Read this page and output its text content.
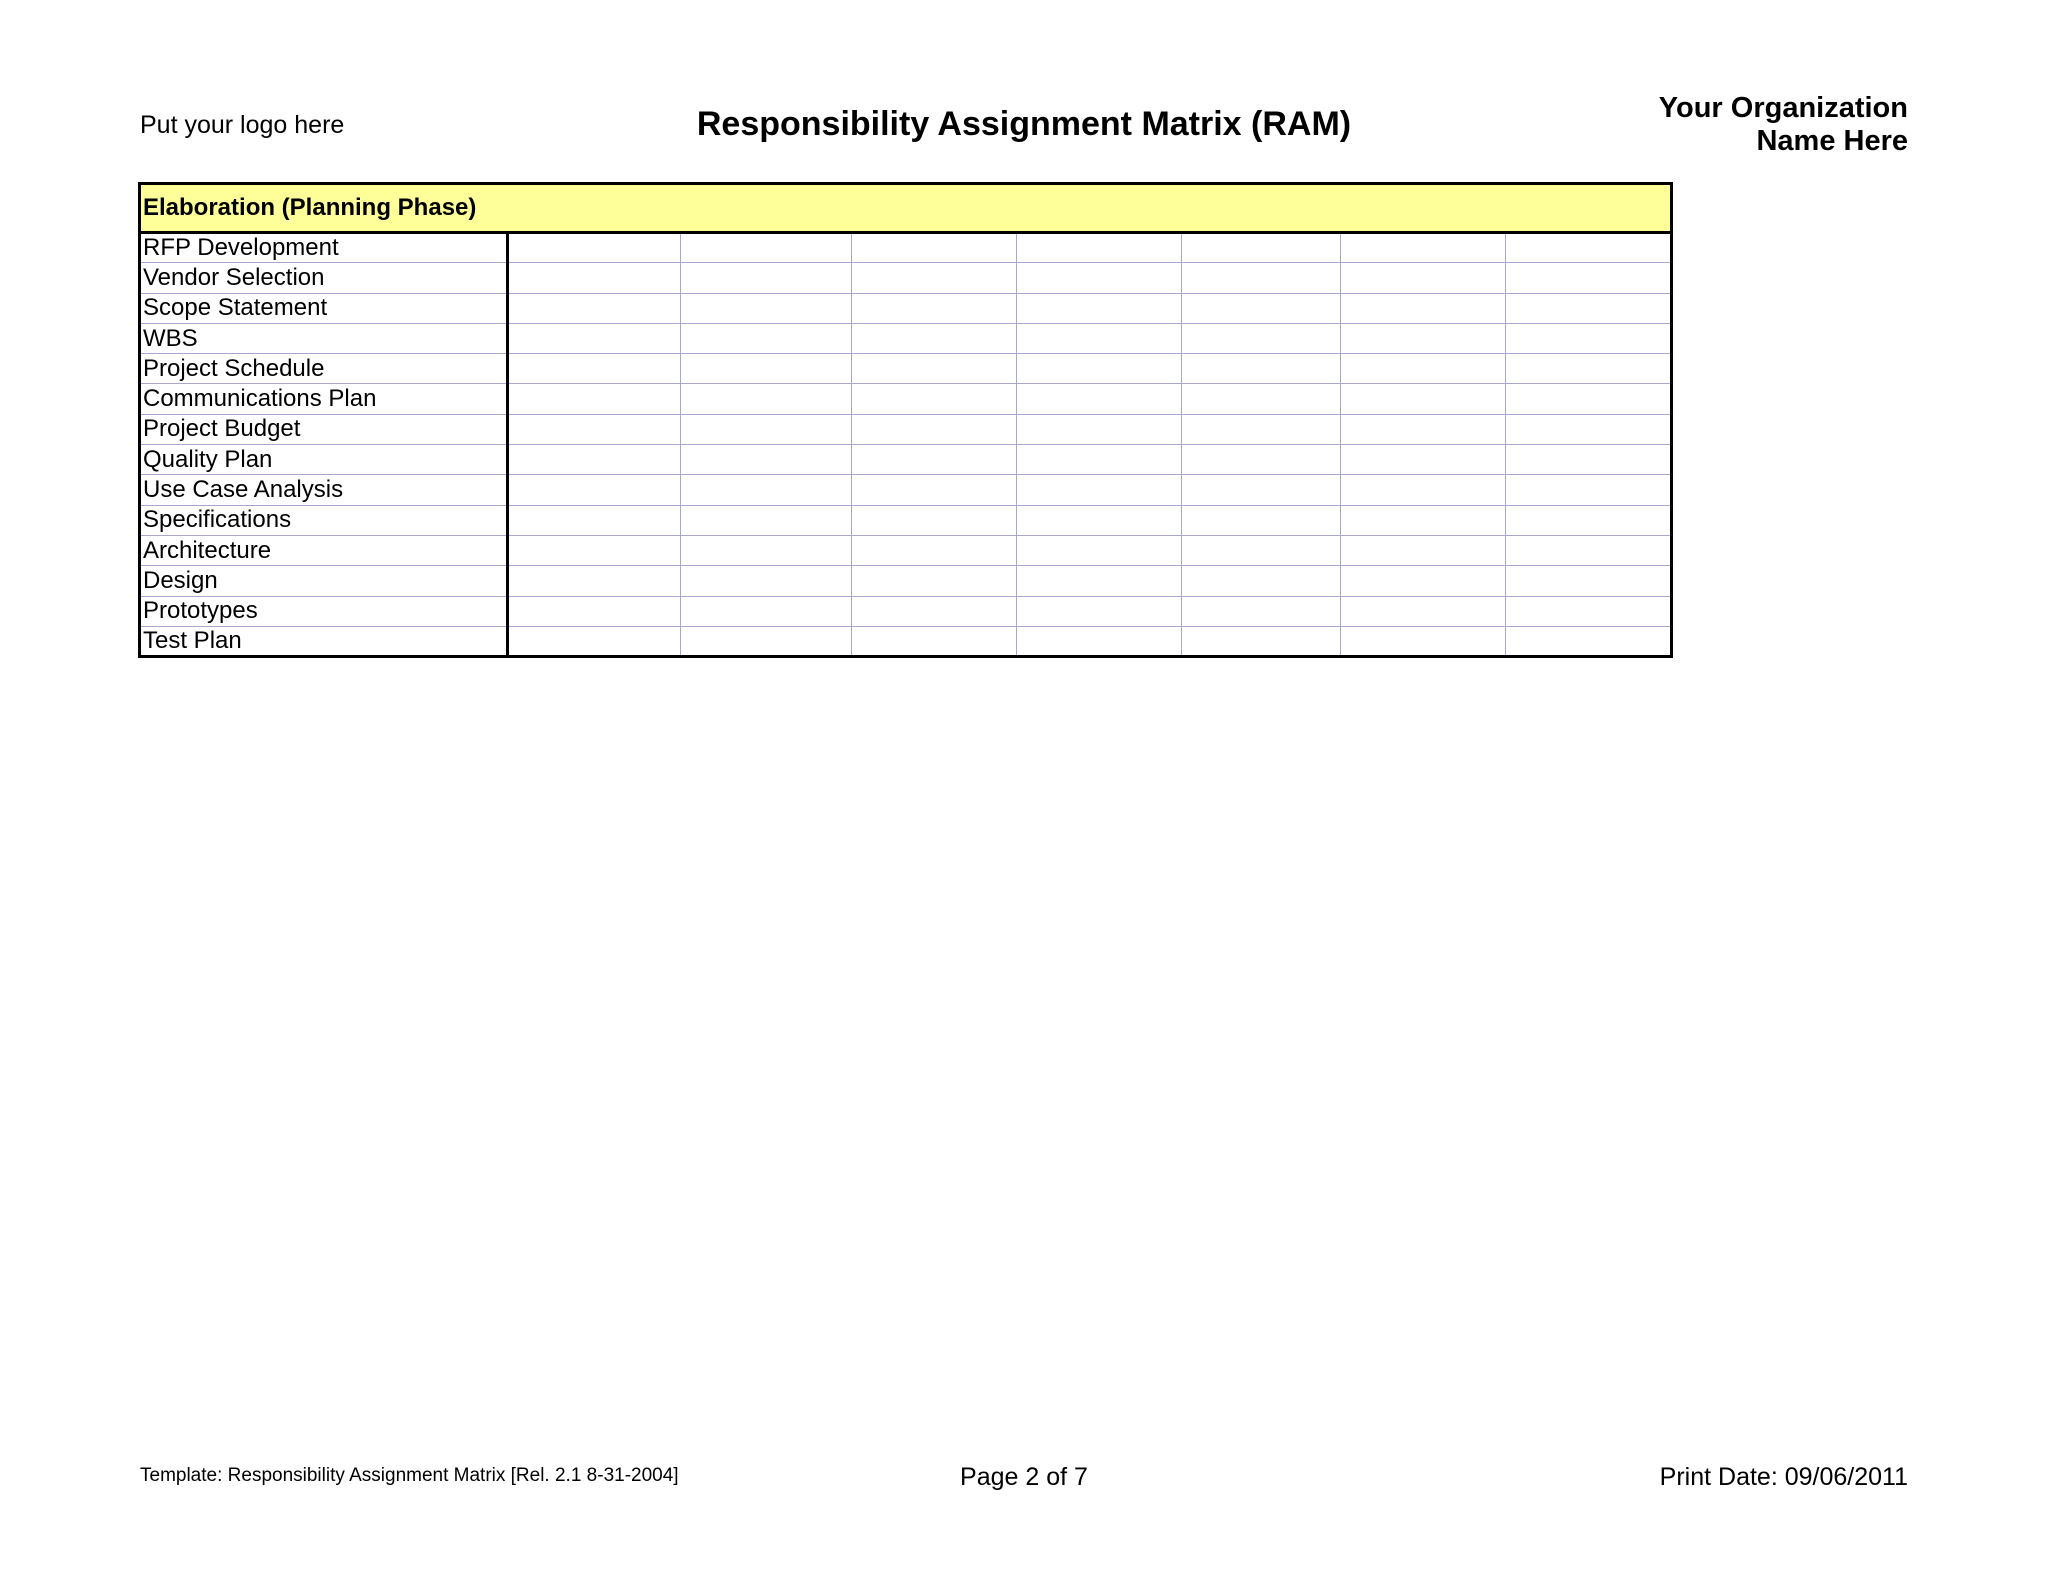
Put your logo here	Responsibility Assignment Matrix (RAM)	Your Organization
Name Here
Elaboration (Planning Phase)							
RFP Development							
Vendor Selection							
Scope Statement							
WBS							
Project Schedule							
Communications Plan							
Project Budget							
Quality Plan							
Use Case Analysis							
Specifications							
Architecture							
Design							
Prototypes							
Test Plan							
Template: Responsibility Assignment Matrix [Rel. 2.1 8-31-2004]	Page 2 of 7	Print Date: 09/06/2011
